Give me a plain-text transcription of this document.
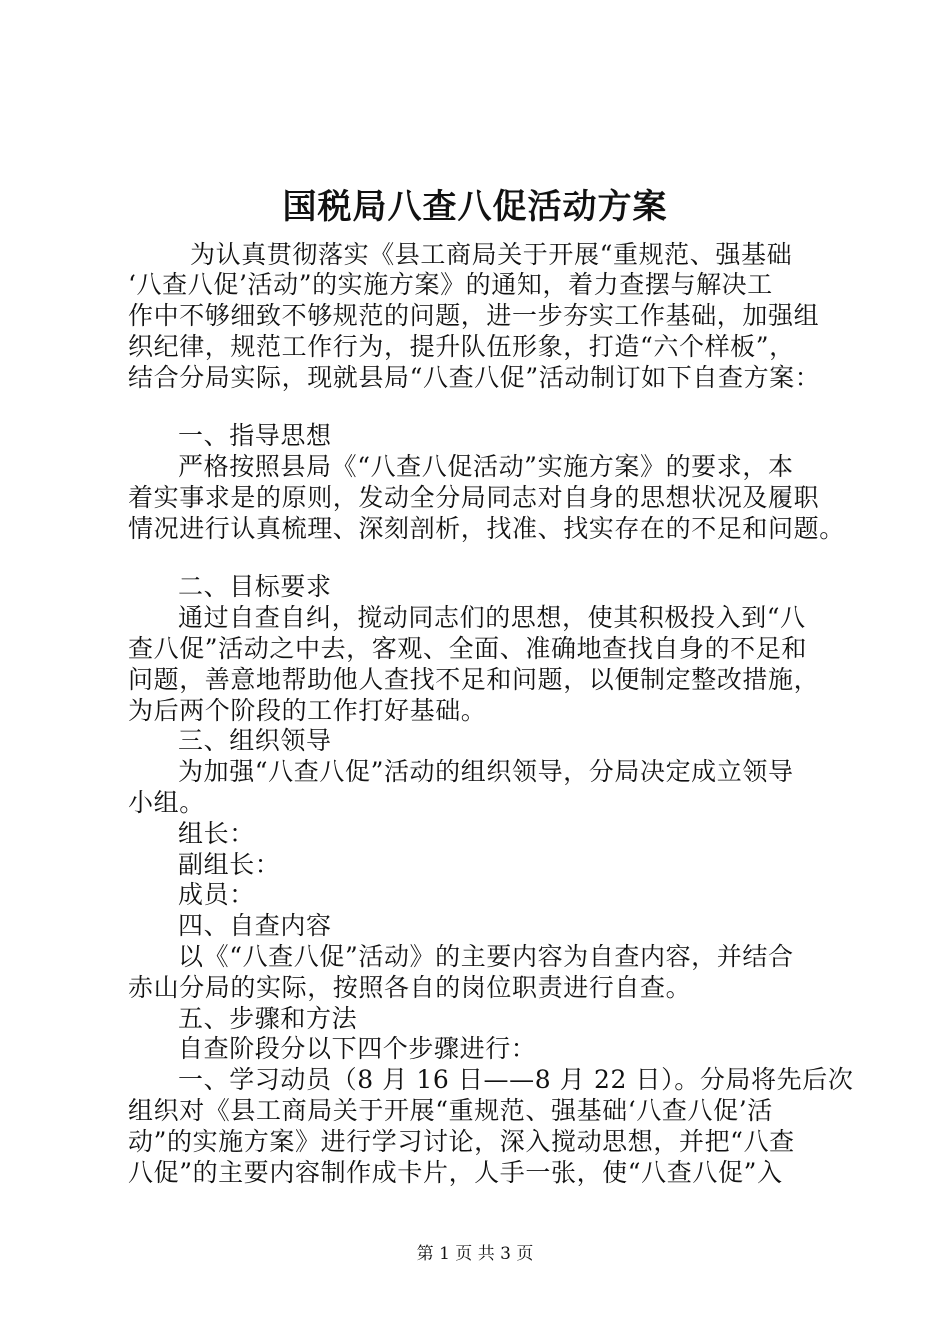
国税局八查八促活动方案
为认真贯彻落实《县工商局关于开展“重规范、强基础
‘八查八促’活动”的实施方案》的通知，着力查摆与解决工
作中不够细致不够规范的问题，进一步夯实工作基础，加强组
织纪律，规范工作行为，提升队伍形象，打造“六个样板”，
结合分局实际，现就县局“八查八促”活动制订如下自查方案：
一、指导思想
严格按照县局《“八查八促活动”实施方案》的要求，本
着实事求是的原则，发动全分局同志对自身的思想状况及履职
情况进行认真梳理、深刻剖析，找准、找实存在的不足和问题。
二、目标要求
通过自查自纠，搅动同志们的思想，使其积极投入到“八
查八促”活动之中去，客观、全面、准确地查找自身的不足和
问题，善意地帮助他人查找不足和问题，以便制定整改措施，
为后两个阶段的工作打好基础。
三、组织领导
为加强“八查八促”活动的组织领导，分局决定成立领导
小组。
组长：
副组长：
成员：
四、自查内容
以《“八查八促”活动》的主要内容为自查内容，并结合
赤山分局的实际，按照各自的岗位职责进行自查。
五、步骤和方法
自查阶段分以下四个步骤进行：
一、学习动员（8 月 16 日——8 月 22 日）。分局将先后次
组织对《县工商局关于开展“重规范、强基础‘八查八促’活
动”的实施方案》进行学习讨论，深入搅动思想，并把“八查
八促”的主要内容制作成卡片，人手一张，使“八查八促”入
第 1 页 共 3 页
